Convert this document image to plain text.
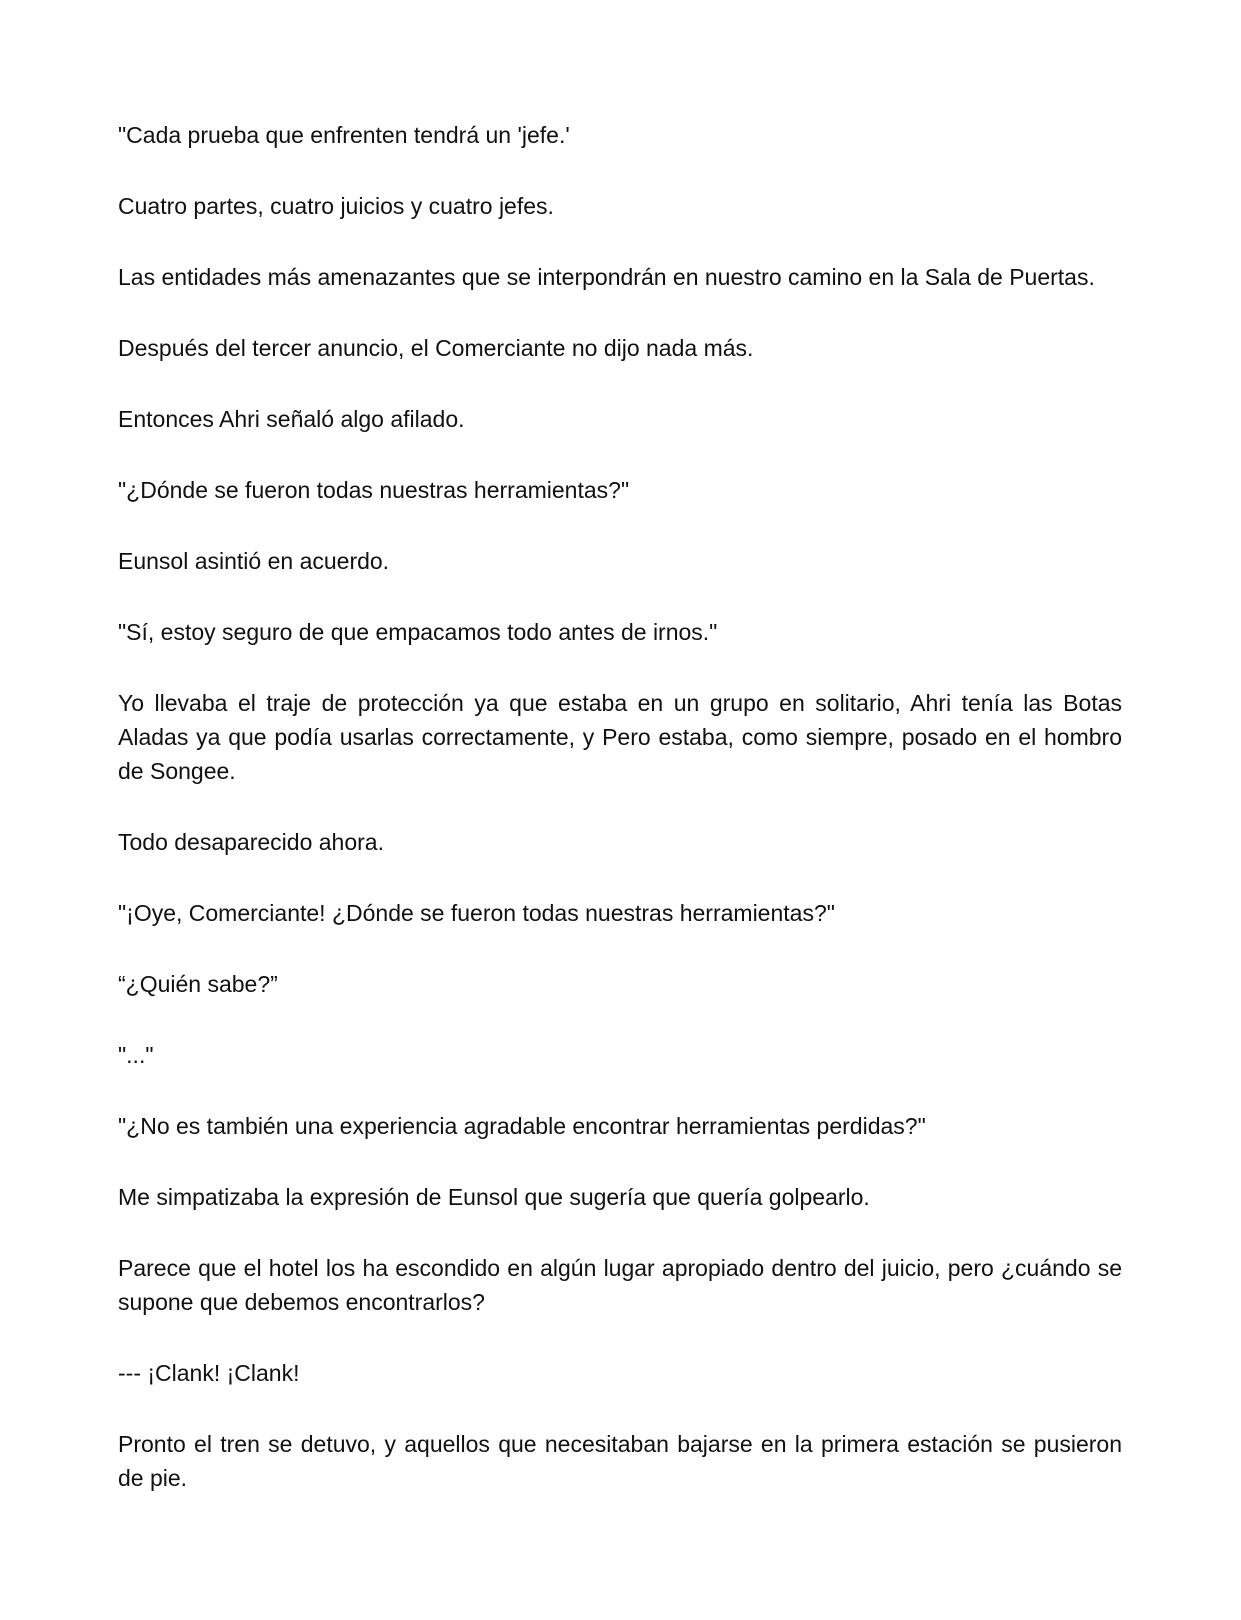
"Cada prueba que enfrenten tendrá un 'jefe.'

Cuatro partes, cuatro juicios y cuatro jefes.

Las entidades más amenazantes que se interpondrán en nuestro camino en la Sala de Puertas.

Después del tercer anuncio, el Comerciante no dijo nada más.

Entonces Ahri señaló algo afilado.

"¿Dónde se fueron todas nuestras herramientas?"

Eunsol asintió en acuerdo.

"Sí, estoy seguro de que empacamos todo antes de irnos."

Yo llevaba el traje de protección ya que estaba en un grupo en solitario, Ahri tenía las Botas Aladas ya que podía usarlas correctamente, y Pero estaba, como siempre, posado en el hombro de Songee.

Todo desaparecido ahora.

"¡Oye, Comerciante! ¿Dónde se fueron todas nuestras herramientas?"

“¿Quién sabe?”

"..."

"¿No es también una experiencia agradable encontrar herramientas perdidas?"

Me simpatizaba la expresión de Eunsol que sugería que quería golpearlo.

Parece que el hotel los ha escondido en algún lugar apropiado dentro del juicio, pero ¿cuándo se supone que debemos encontrarlos?

--- ¡Clank! ¡Clank!

Pronto el tren se detuvo, y aquellos que necesitaban bajarse en la primera estación se pusieron de pie.
